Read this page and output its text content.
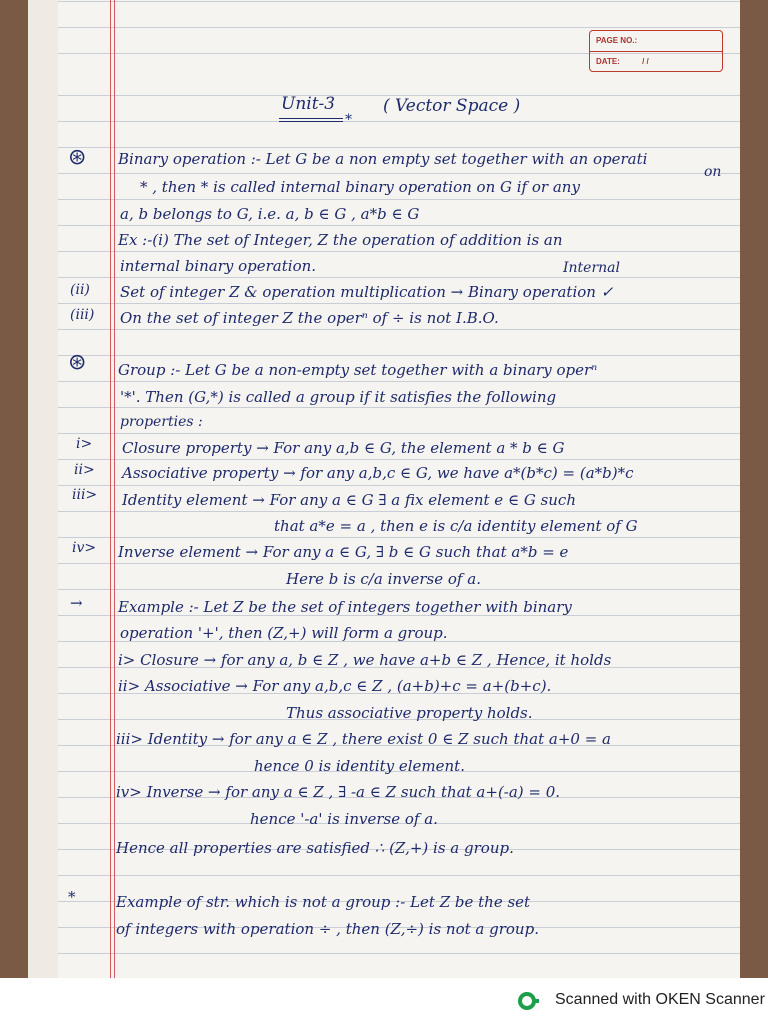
PAGE NO.:
DATE:	/ /
Unit-3	( Vector Space )
*
⊛ Binary operation :- Let G be a non empty set together with an operati
on
* , then * is called internal binary operation on G if or any
a, b belongs to G, i.e. a, b ∈ G , a*b ∈ G
Ex :-(i) The set of Integer, Z the operation of addition is an
internal binary operation.	Internal
(ii) Set of integer Z & operation multiplication → Binary operation ✓
(iii) On the set of integer Z the operⁿ of ÷ is not I.B.O.
⊛ Group :- Let G be a non-empty set together with a binary operⁿ
'*'. Then (G,*) is called a group if it satisfies the following
properties :
i> Closure property → For any a,b ∈ G, the element a * b ∈ G
ii> Associative property → for any a,b,c ∈ G, we have a*(b*c) = (a*b)*c
iii> Identity element → For any a ∈ G ∃ a fix element e ∈ G such
that a*e = a , then e is c/a identity element of G
iv> Inverse element → For any a ∈ G, ∃ b ∈ G such that a*b = e
Here b is c/a inverse of a.
→ Example :- Let Z be the set of integers together with binary
operation '+', then (Z,+) will form a group.
i> Closure → for any a, b ∈ Z , we have a+b ∈ Z , Hence, it holds
ii> Associative → For any a,b,c ∈ Z , (a+b)+c = a+(b+c).
Thus associative property holds.
iii> Identity → for any a ∈ Z , there exist 0 ∈ Z such that a+0 = a
hence 0 is identity element.
iv> Inverse → for any a ∈ Z , ∃ -a ∈ Z such that a+(-a) = 0.
hence '-a' is inverse of a.
Hence all properties are satisfied ∴ (Z,+) is a group.
*	Example of str. which is not a group :- Let Z be the set
of integers with operation ÷ , then (Z,÷) is not a group.
Scanned with OKEN Scanner
